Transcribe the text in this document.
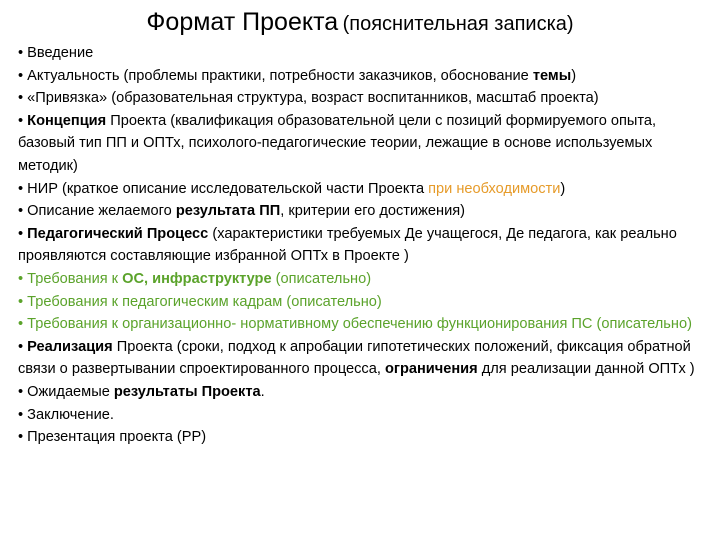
Формат Проекта (пояснительная записка)

• Введение

• Актуальность (проблемы практики, потребности заказчиков, обоснование темы)

• «Привязка» (образовательная структура, возраст воспитанников, масштаб проекта)

• Концепция Проекта (квалификация образовательной цели с позиций формируемого опыта, базовый тип ПП и ОПТх, психолого-педагогические теории, лежащие в основе используемых методик)

• НИР (краткое описание исследовательской части Проекта при необходимости)

• Описание желаемого результата ПП, критерии его достижения)

• Педагогический Процесс (характеристики требуемых Де учащегося, Де педагога, как реально проявляются составляющие избранной ОПТх в Проекте )

• Требования к ОС, инфраструктуре (описательно)

• Требования к педагогическим кадрам (описательно)

• Требования к организационно- нормативному обеспечению функционирования ПС (описательно)

• Реализация Проекта (сроки, подход к апробации гипотетических положений, фиксация обратной связи о развертывании спроектированного процесса, ограничения для реализации данной ОПТх )

• Ожидаемые результаты Проекта.

• Заключение.

• Презентация проекта (PP)
